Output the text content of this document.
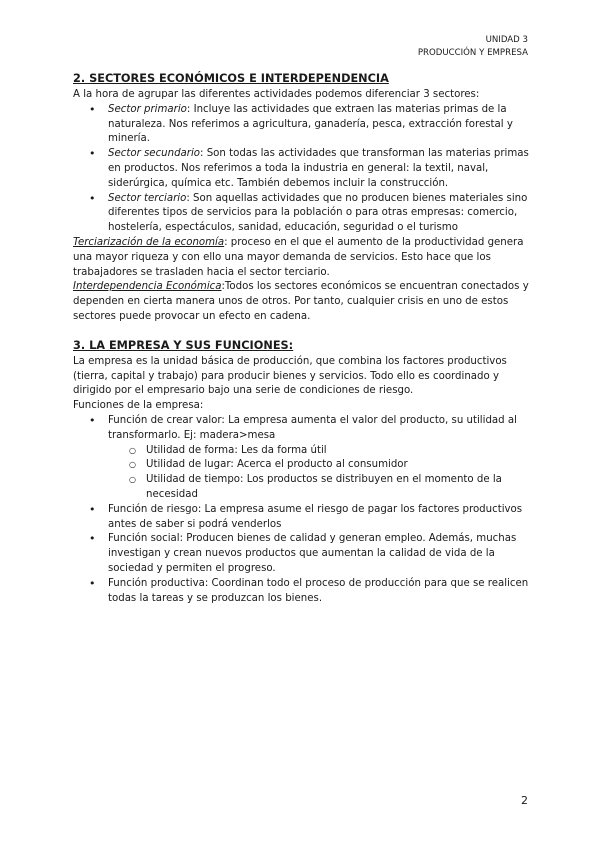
UNIDAD 3
PRODUCCIÓN Y EMPRESA
2. SECTORES ECONÓMICOS E INTERDEPENDENCIA

A la hora de agrupar las diferentes actividades podemos diferenciar 3 sectores:

• Sector primario: Incluye las actividades que extraen las materias primas de la naturaleza. Nos referimos a agricultura, ganadería, pesca, extracción forestal y minería.
• Sector secundario: Son todas las actividades que transforman las materias primas en productos. Nos referimos a toda la industria en general: la textil, naval, siderúrgica, química etc. También debemos incluir la construcción.
• Sector terciario: Son aquellas actividades que no producen bienes materiales sino diferentes tipos de servicios para la población o para otras empresas: comercio, hostelería, espectáculos, sanidad, educación, seguridad o el turismo

Terciarización de la economía: proceso en el que el aumento de la productividad genera una mayor riqueza y con ello una mayor demanda de servicios. Esto hace que los trabajadores se trasladen hacia el sector terciario.

Interdependencia Económica:Todos los sectores económicos se encuentran conectados y dependen en cierta manera unos de otros. Por tanto, cualquier crisis en uno de estos sectores puede provocar un efecto en cadena.

3. LA EMPRESA Y SUS FUNCIONES:

La empresa es la unidad básica de producción, que combina los factores productivos (tierra, capital y trabajo) para producir bienes y servicios. Todo ello es coordinado y dirigido por el empresario bajo una serie de condiciones de riesgo.

Funciones de la empresa:

• Función de crear valor: La empresa aumenta el valor del producto, su utilidad al transformarlo. Ej: madera>mesa
○ Utilidad de forma: Les da forma útil
○ Utilidad de lugar: Acerca el producto al consumidor
○ Utilidad de tiempo: Los productos se distribuyen en el momento de la necesidad
• Función de riesgo: La empresa asume el riesgo de pagar los factores productivos antes de saber si podrá venderlos
• Función social: Producen bienes de calidad y generan empleo. Además, muchas investigan y crean nuevos productos que aumentan la calidad de vida de la sociedad y permiten el progreso.
• Función productiva: Coordinan todo el proceso de producción para que se realicen todas la tareas y se produzcan los bienes.
2
